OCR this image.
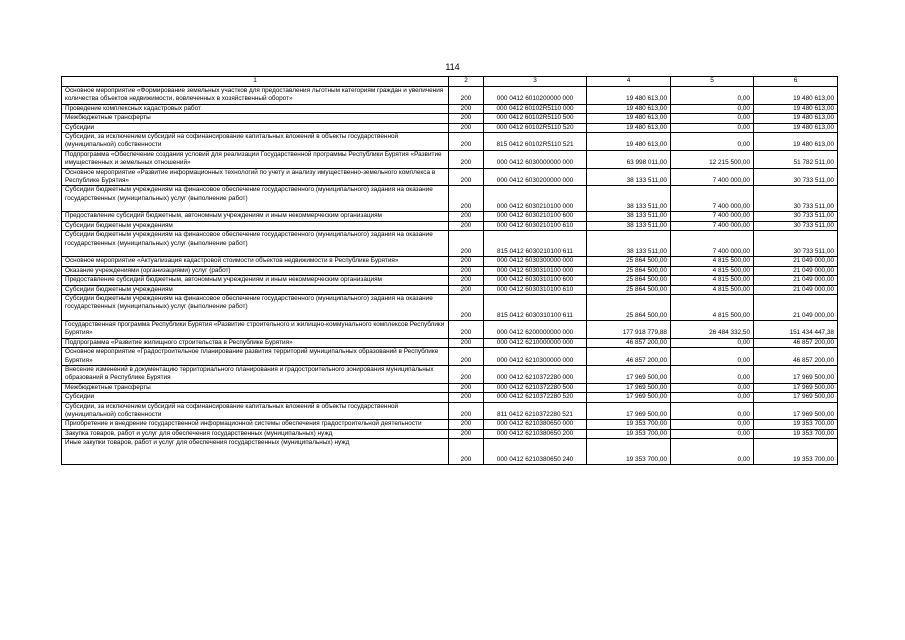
114
1	2	3	4	5	6
Основное мероприятие «Формирование земельных участков для предоставления льготным категориям граждан и увеличения количества объектов недвижимости, вовлеченных в хозяйственный оборот»	200	000 0412 6010200000 000	19 480 613,00	0,00	19 480 613,00
Проведение комплексных кадастровых работ	200	000 0412 60102R5110 000	19 480 613,00	0,00	19 480 613,00
Межбюджетные трансферты	200	000 0412 60102R5110 500	19 480 613,00	0,00	19 480 613,00
Субсидии	200	000 0412 60102R5110 520	19 480 613,00	0,00	19 480 613,00
Субсидии, за исключением субсидий на софинансирование капитальных вложений в объекты государственной (муниципальной) собственности	200	815 0412 60102R5110 521	19 480 613,00	0,00	19 480 613,00
Подпрограмма «Обеспечение создания условий для реализации Государственной программы Республики Бурятия «Развитие имущественных и земельных отношений»	200	000 0412 6030000000 000	63 998 011,00	12 215 500,00	51 782 511,00
Основное мероприятие «Развитие информационных технологий по учету и анализу имущественно-земельного комплекса в Республике Бурятия»	200	000 0412 6030200000 000	38 133 511,00	7 400 000,00	30 733 511,00
Субсидии бюджетным учреждениям на финансовое обеспечение государственного (муниципального) задания на оказание государственных (муниципальных) услуг (выполнение работ)	200	000 0412 6030210100 000	38 133 511,00	7 400 000,00	30 733 511,00
Предоставление субсидий бюджетным, автономным учреждениям и иным некоммерческим организациям	200	000 0412 6030210100 600	38 133 511,00	7 400 000,00	30 733 511,00
Субсидии бюджетным учреждениям	200	000 0412 6030210100 610	38 133 511,00	7 400 000,00	30 733 511,00
Субсидии бюджетным учреждениям на финансовое обеспечение государственного (муниципального) задания на оказание государственных (муниципальных) услуг (выполнение работ)	200	815 0412 6030210100 611	38 133 511,00	7 400 000,00	30 733 511,00
Основное мероприятие «Актуализация кадастровой стоимости объектов недвижимости в Республике Бурятия»	200	000 0412 6030300000 000	25 864 500,00	4 815 500,00	21 049 000,00
Оказание учреждениями (организациями) услуг (работ)	200	000 0412 6030310100 000	25 864 500,00	4 815 500,00	21 049 000,00
Предоставление субсидий бюджетным, автономным учреждениям и иным некоммерческим организациям	200	000 0412 6030310100 600	25 864 500,00	4 815 500,00	21 049 000,00
Субсидии бюджетным учреждениям	200	000 0412 6030310100 610	25 864 500,00	4 815 500,00	21 049 000,00
Субсидии бюджетным учреждениям на финансовое обеспечение государственного (муниципального) задания на оказание государственных (муниципальных) услуг (выполнение работ)	200	815 0412 6030310100 611	25 864 500,00	4 815 500,00	21 049 000,00
Государственная программа Республики Бурятия «Развитие строительного и жилищно-коммунального комплексов Республики Бурятия»	200	000 0412 6200000000 000	177 918 779,88	26 484 332,50	151 434 447,38
Подпрограмма «Развитие жилищного строительства в Республике Бурятия»	200	000 0412 6210000000 000	46 857 200,00	0,00	46 857 200,00
Основное мероприятие «Градостроительное планирование развития территорий муниципальных образований в Республике Бурятия»	200	000 0412 6210300000 000	46 857 200,00	0,00	46 857 200,00
Внесение изменений в документацию территориального планирования и градостроительного зонирования муниципальных образований в Республике Бурятия	200	000 0412 6210372280 000	17 969 500,00	0,00	17 969 500,00
Межбюджетные трансферты	200	000 0412 6210372280 500	17 969 500,00	0,00	17 969 500,00
Субсидии	200	000 0412 6210372280 520	17 969 500,00	0,00	17 969 500,00
Субсидии, за исключением субсидий на софинансирование капитальных вложений в объекты государственной (муниципальной) собственности	200	811 0412 6210372280 521	17 969 500,00	0,00	17 969 500,00
Приобретение и внедрение государственной информационной системы обеспечения градостроительной деятельности	200	000 0412 6210380650 000	19 353 700,00	0,00	19 353 700,00
Закупка товаров, работ и услуг для обеспечения государственных (муниципальных) нужд	200	000 0412 6210380650 200	19 353 700,00	0,00	19 353 700,00
Иные закупки товаров, работ и услуг для обеспечения государственных (муниципальных) нужд	200	000 0412 6210380650 240	19 353 700,00	0,00	19 353 700,00
